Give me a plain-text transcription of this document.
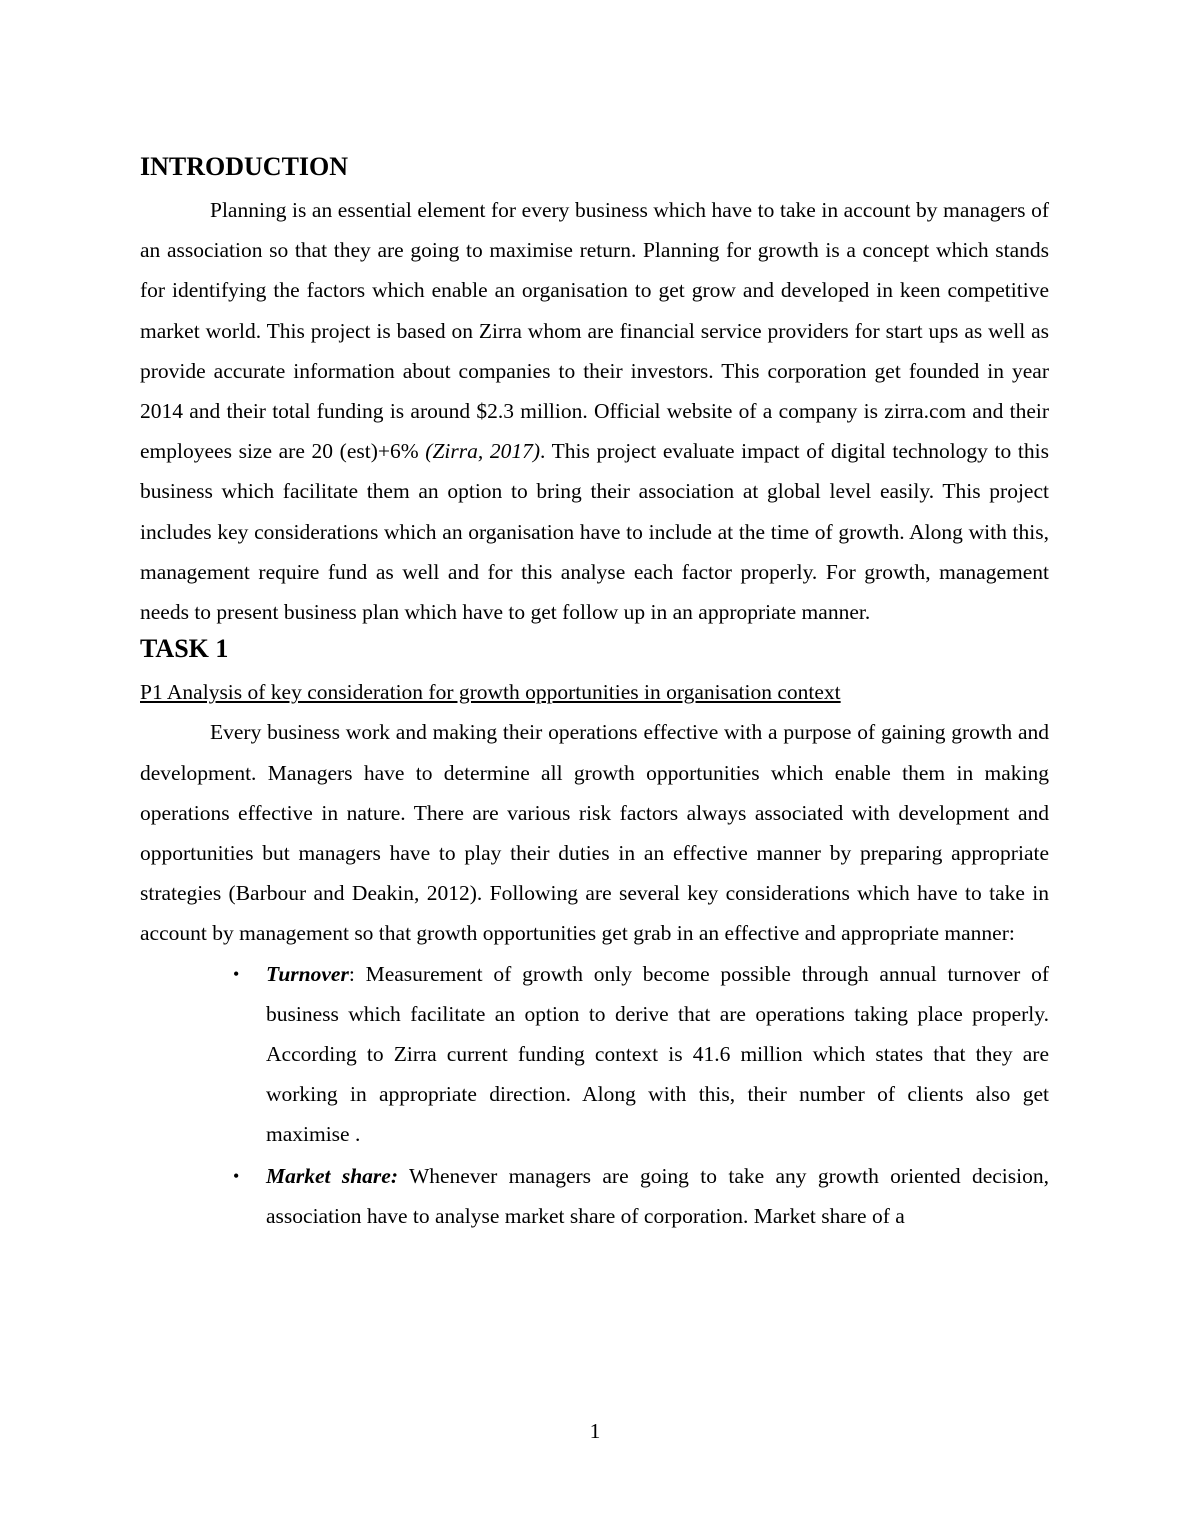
INTRODUCTION

Planning is an essential element for every business which have to take in account by managers of an association so that they are going to maximise return. Planning for growth is a concept which stands for identifying the factors which enable an organisation to get grow and developed in keen competitive market world. This project is based on Zirra whom are financial service providers for start ups as well as provide accurate information about companies to their investors. This corporation get founded in year 2014 and their total funding is around $2.3 million. Official website of a company is zirra.com and their employees size are 20 (est)+6% (Zirra, 2017). This project evaluate impact of digital technology to this business which facilitate them an option to bring their association at global level easily. This project includes key considerations which an organisation have to include at the time of growth. Along with this, management require fund as well and for this analyse each factor properly. For growth, management needs to present business plan which have to get follow up in an appropriate manner.

TASK 1

P1 Analysis of key consideration for growth opportunities in organisation context

Every business work and making their operations effective with a purpose of gaining growth and development. Managers have to determine all growth opportunities which enable them in making operations effective in nature. There are various risk factors always associated with development and opportunities but managers have to play their duties in an effective manner by preparing appropriate strategies (Barbour and Deakin, 2012). Following are several key considerations which have to take in account by management so that growth opportunities get grab in an effective and appropriate manner:

• Turnover: Measurement of growth only become possible through annual turnover of business which facilitate an option to derive that are operations taking place properly. According to Zirra current funding context is 41.6 million which states that they are working in appropriate direction. Along with this, their number of clients also get maximise .
• Market share: Whenever managers are going to take any growth oriented decision, association have to analyse market share of corporation. Market share of a
1
